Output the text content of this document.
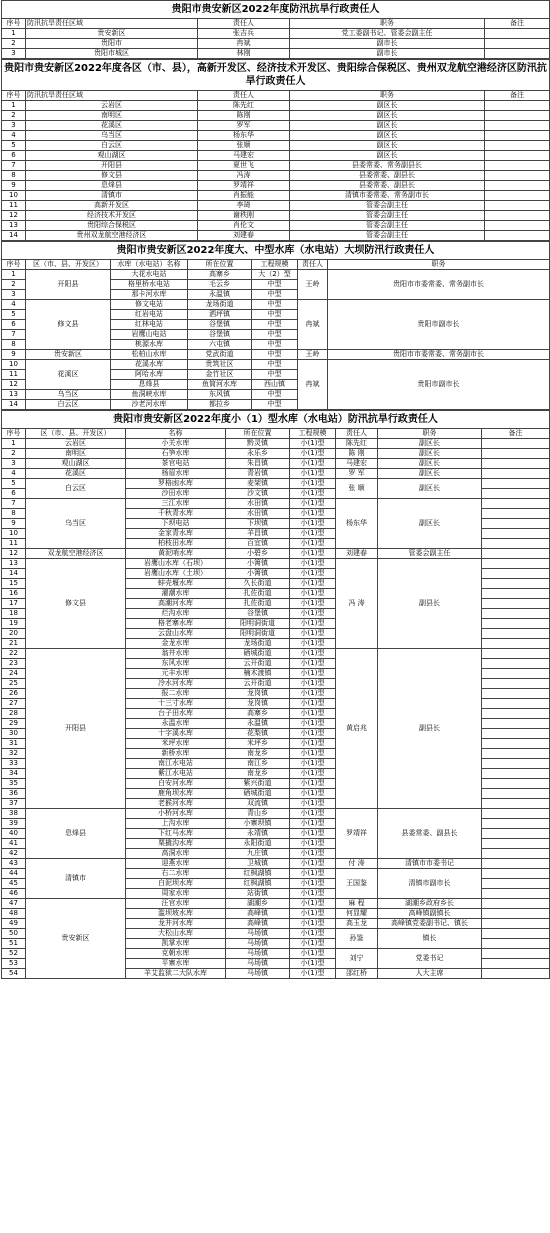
贵阳市贵安新区2022年度防汛抗旱行政责任人				
序号	防汛抗旱责任区域	责任人	职务	备注
1	贵安新区	张吉兵	党工委副书记、管委会副主任	
2	贵阳市	冉斌	副市长	
3	贵阳市城区	林刚	副市长	
贵阳市贵安新区2022年度各区（市、县），高新开发区、经济技术开发区、贵阳综合保税区、贵州双龙航空港经济区防汛抗旱行政责任人				
序号	防汛抗旱责任区域	责任人	职务	备注
1	云岩区	陈先红	副区长	
2	南明区	陈刚	副区长	
3	花溪区	罗军	副区长	
4	乌当区	杨东华	副区长	
5	白云区	张顺	副区长	
6	观山湖区	马建宏	副区长	
7	开阳县	夏世飞	县委常委、常务副县长	
8	修文县	冯涛	县委常委、副县长	
9	息烽县	罗靖祥	县委常委、副县长	
10	清镇市	肖振能	清镇市委常委、常务副市长	
11	高新开发区	李琦	管委会副主任	
12	经济技术开发区	谢秩刚	管委会副主任	
13	贵阳综合保税区	肖伦文	管委会副主任	
14	贵州双龙航空港经济区	刘建春	管委会副主任	
贵阳市贵安新区2022年度大、中型水库（水电站）大坝防汛行政责任人							
序号	区（市、县、开发区）	水库（水电站）名称	所在位置	工程规模	责任人	职务	
1	开阳县	大花水电站	高寨乡	大（2）型	王岭	贵阳市市委常委、常务副市长	
2		格里桥水电站	毛云乡	中型			
3		那卡河水库	永温镇	中型			
4	修文县	修文电站	龙场街道	中型	冉斌	贵阳市副市长	
5		红岩电站	洒坪镇	中型			
6		红林电站	谷堡镇	中型			
7		岩鹰山电站	谷堡镇	中型			
8		桃源水库	六屯镇	中型			
9	贵安新区	松柏山水库	党武街道	中型	王岭	贵阳市市委常委、常务副市长	
10	花溪区	花溪水库	贵筑社区	中型	冉斌	贵阳市副市长	
11		阿哈水库	金竹社区	中型			
12		息烽县	鱼简河水库	西山镇	
13	乌当区	鱼洞峡水库	东风镇	中型			
14	白云区	沙老河水库	都拉乡	中型			
贵阳市贵安新区2022年度小（1）型水库（水电站）防汛抗旱行政责任人							
序号	区（市、县、开发区）	名称	所在位置	工程规模	责任人	职务	备注
1	云岩区	小关水库	黔灵镇	小(1)型	陈先红	副区长	
2	南明区	石笋水库	永乐乡	小(1)型	陈 刚	副区长	
3	观山湖区	茶官电站	朱昌镇	小(1)型	马建宏	副区长	
4	花溪区	杨眉水库	青岩镇	小(1)型	罗 军	副区长	
5	白云区	罗格凼水库	麦架镇	小(1)型	张 顺	副区长	
6		沙田水库	沙文镇	小(1)型			
7	乌当区	三江水库	水田镇	小(1)型	杨东华	副区长	
8		千秋青水库	水田镇	小(1)型			
9		下坝电站	下坝镇	小(1)型			
10		金家青水库	羊昌镇	小(1)型			
11		柏枝田水库	百宜镇	小(1)型			
12	双龙航空港经济区	黄泥哨水库	小碧乡	小(1)型	刘建春	管委会副主任	
13	修文县	岩鹰山水库（石坝）	小箐镇	小(1)型	冯 涛	副县长	
14		岩鹰山水库（土坝）	小箐镇	小(1)型			
15		蚌壳堰水库	久长街道	小(1)型			
16		濯潮水库	扎佐街道	小(1)型			
17		高潮河水库	扎佐街道	小(1)型			
18		烂沟水库	谷堡镇	小(1)型			
19		格老寨水库	阳明洞街道	小(1)型			
20		云盘山水库	阳明洞街道	小(1)型			
21		金龙水库	龙场街道	小(1)型			
22	开阳县	翁井水库	硒城街道	小(1)型	黄启兆	副县长	
23		东风水库	云开街道	小(1)型			
24		元丰水库	楠木渡镇	小(1)型			
25		冷水河水库	云开街道	小(1)型			
26		报二水库	龙岗镇	小(1)型			
27		十三寸水库	龙岗镇	小(1)型			
28		台子田水库	高寨乡	小(1)型			
29		永温水库	永温镇	小(1)型			
30		十字溪水库	花梨镇	小(1)型			
31		米坪水库	米坪乡	小(1)型			
32		新桥水库	南龙乡	小(1)型			
33		南江水电站	南江乡	小(1)型			
34		紫江水电站	南龙乡	小(1)型			
35		白安河水库	紫兴街道	小(1)型			
36		鹿角坝水库	硒城街道	小(1)型			
37		老猴河水库	双流镇	小(1)型			
38	息烽县	小桥河水库	青山乡	小(1)型	罗靖祥	县委常委、副县长	
39		上沟水库	小寨坝镇	小(1)型			
40		下红马水库	永靖镇	小(1)型			
41		栗撬沟水库	永阳街道	小(1)型			
42		高洞水库	九庄镇	小(1)型			
43	清镇市	迎燕水库	卫城镇	小(1)型	付 涛	清镇市市委书记	
44		右二水库	红枫湖镇	小(1)型	王国鉴	清镇市副市长	
45		白泥坝水库	红枫湖镇	小(1)型			
46		周家水库	站街镇	小(1)型			
47	贵安新区	汪官水库	湖潮乡	小(1)型	麻 程	湖潮乡政府乡长	
48		滥坝坡水库	高峰镇	小(1)型	何显耀	高峰镇副镇长	
49		龙井河水库	高峰镇	小(1)型	高玉龙	高峰镇党委副书记、镇长	
50		大松山水库	马场镇	小(1)型	孙鉴	镇长	
51		凯掌水库	马场镇	小(1)型			
52		克朝水库	马场镇	小(1)型	刘宁	党委书记	
53		平寨水库	马场镇	小(1)型			
54		羊艾监狱二大队水库	马场镇	小(1)型	邵红桥	人大主席	
